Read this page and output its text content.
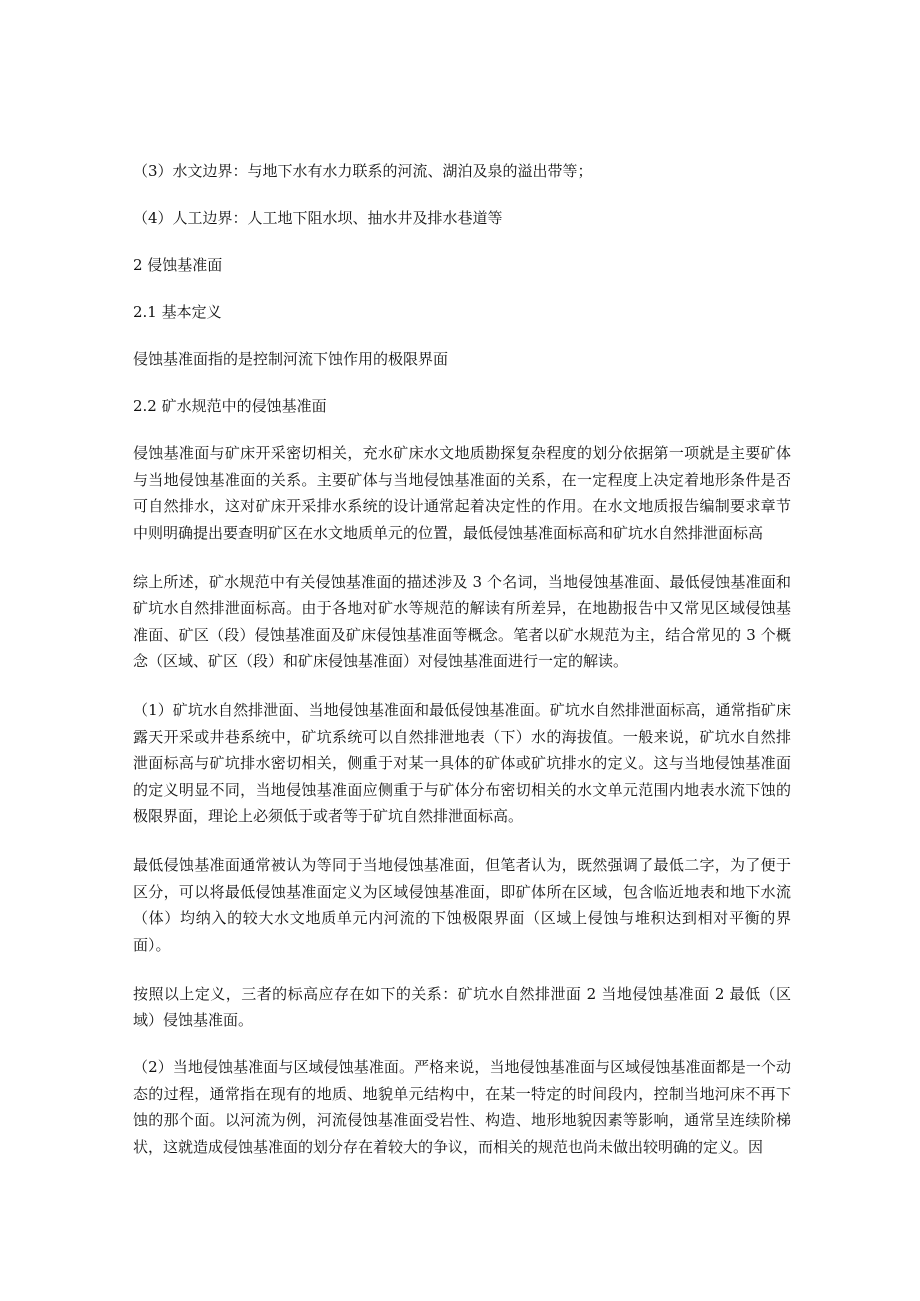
（3）水文边界：与地下水有水力联系的河流、湖泊及泉的溢出带等；

（4）人工边界：人工地下阻水坝、抽水井及排水巷道等

2 侵蚀基准面

2.1 基本定义

侵蚀基准面指的是控制河流下蚀作用的极限界面

2.2 矿水规范中的侵蚀基准面

侵蚀基准面与矿床开采密切相关，充水矿床水文地质勘探复杂程度的划分依据第一项就是主要矿体与当地侵蚀基准面的关系。主要矿体与当地侵蚀基准面的关系，在一定程度上决定着地形条件是否可自然排水，这对矿床开采排水系统的设计通常起着决定性的作用。在水文地质报告编制要求章节中则明确提出要查明矿区在水文地质单元的位置，最低侵蚀基准面标高和矿坑水自然排泄面标高

综上所述，矿水规范中有关侵蚀基准面的描述涉及 3 个名词，当地侵蚀基准面、最低侵蚀基准面和矿坑水自然排泄面标高。由于各地对矿水等规范的解读有所差异，在地勘报告中又常见区域侵蚀基准面、矿区（段）侵蚀基准面及矿床侵蚀基准面等概念。笔者以矿水规范为主，结合常见的 3 个概念（区域、矿区（段）和矿床侵蚀基准面）对侵蚀基准面进行一定的解读。

（1）矿坑水自然排泄面、当地侵蚀基准面和最低侵蚀基准面。矿坑水自然排泄面标高，通常指矿床露天开采或井巷系统中，矿坑系统可以自然排泄地表（下）水的海拔值。一般来说，矿坑水自然排泄面标高与矿坑排水密切相关，侧重于对某一具体的矿体或矿坑排水的定义。这与当地侵蚀基准面的定义明显不同，当地侵蚀基准面应侧重于与矿体分布密切相关的水文单元范围内地表水流下蚀的极限界面，理论上必须低于或者等于矿坑自然排泄面标高。

最低侵蚀基准面通常被认为等同于当地侵蚀基准面，但笔者认为，既然强调了最低二字，为了便于区分，可以将最低侵蚀基准面定义为区域侵蚀基准面，即矿体所在区域，包含临近地表和地下水流（体）均纳入的较大水文地质单元内河流的下蚀极限界面（区域上侵蚀与堆积达到相对平衡的界面）。

按照以上定义，三者的标高应存在如下的关系：矿坑水自然排泄面 2 当地侵蚀基准面 2 最低（区域）侵蚀基准面。

（2）当地侵蚀基准面与区域侵蚀基准面。严格来说，当地侵蚀基准面与区域侵蚀基准面都是一个动态的过程，通常指在现有的地质、地貌单元结构中，在某一特定的时间段内，控制当地河床不再下蚀的那个面。以河流为例，河流侵蚀基准面受岩性、构造、地形地貌因素等影响，通常呈连续阶梯状，这就造成侵蚀基准面的划分存在着较大的争议，而相关的规范也尚未做出较明确的定义。因
